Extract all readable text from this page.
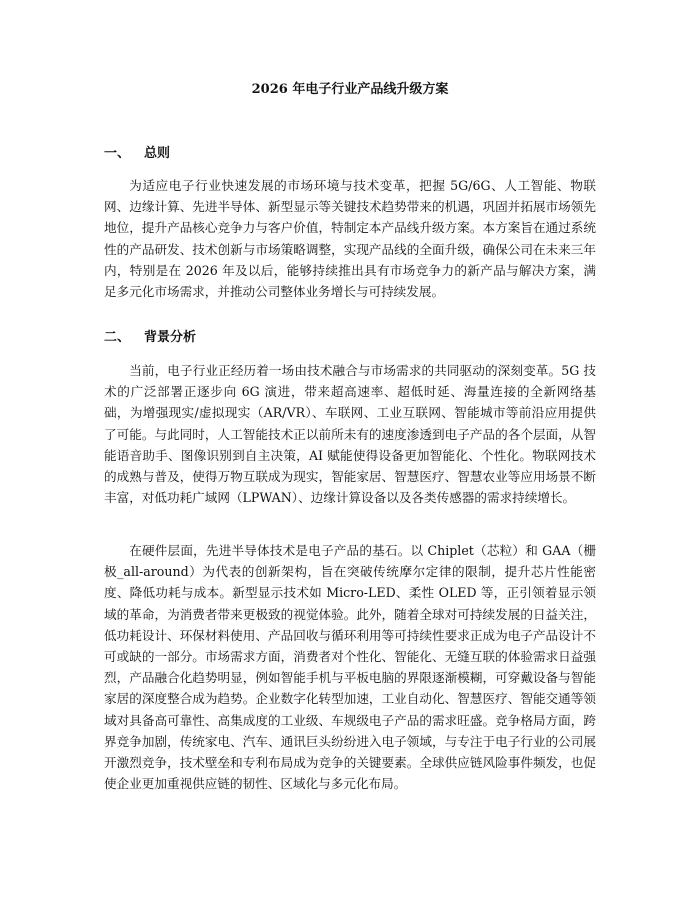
2026 年电子行业产品线升级方案
一、	总则

为适应电子行业快速发展的市场环境与技术变革，把握 5G/6G、人工智能、物联网、边缘计算、先进半导体、新型显示等关键技术趋势带来的机遇，巩固并拓展市场领先地位，提升产品核心竞争力与客户价值，特制定本产品线升级方案。本方案旨在通过系统性的产品研发、技术创新与市场策略调整，实现产品线的全面升级，确保公司在未来三年内，特别是在 2026 年及以后，能够持续推出具有市场竞争力的新产品与解决方案，满足多元化市场需求，并推动公司整体业务增长与可持续发展。

二、	背景分析

当前，电子行业正经历着一场由技术融合与市场需求的共同驱动的深刻变革。5G 技术的广泛部署正逐步向 6G 演进，带来超高速率、超低时延、海量连接的全新网络基础，为增强现实/虚拟现实（AR/VR）、车联网、工业互联网、智能城市等前沿应用提供了可能。与此同时，人工智能技术正以前所未有的速度渗透到电子产品的各个层面，从智能语音助手、图像识别到自主决策，AI 赋能使得设备更加智能化、个性化。物联网技术的成熟与普及，使得万物互联成为现实，智能家居、智慧医疗、智慧农业等应用场景不断丰富，对低功耗广域网（LPWAN）、边缘计算设备以及各类传感器的需求持续增长。

在硬件层面，先进半导体技术是电子产品的基石。以 Chiplet（芯粒）和 GAA（栅极_all-around）为代表的创新架构，旨在突破传统摩尔定律的限制，提升芯片性能密度、降低功耗与成本。新型显示技术如 Micro-LED、柔性 OLED 等，正引领着显示领域的革命，为消费者带来更极致的视觉体验。此外，随着全球对可持续发展的日益关注，低功耗设计、环保材料使用、产品回收与循环利用等可持续性要求正成为电子产品设计不可或缺的一部分。市场需求方面，消费者对个性化、智能化、无缝互联的体验需求日益强烈，产品融合化趋势明显，例如智能手机与平板电脑的界限逐渐模糊，可穿戴设备与智能家居的深度整合成为趋势。企业数字化转型加速，工业自动化、智慧医疗、智能交通等领域对具备高可靠性、高集成度的工业级、车规级电子产品的需求旺盛。竞争格局方面，跨界竞争加剧，传统家电、汽车、通讯巨头纷纷进入电子领域，与专注于电子行业的公司展开激烈竞争，技术壁垒和专利布局成为竞争的关键要素。全球供应链风险事件频发，也促使企业更加重视供应链的韧性、区域化与多元化布局。
